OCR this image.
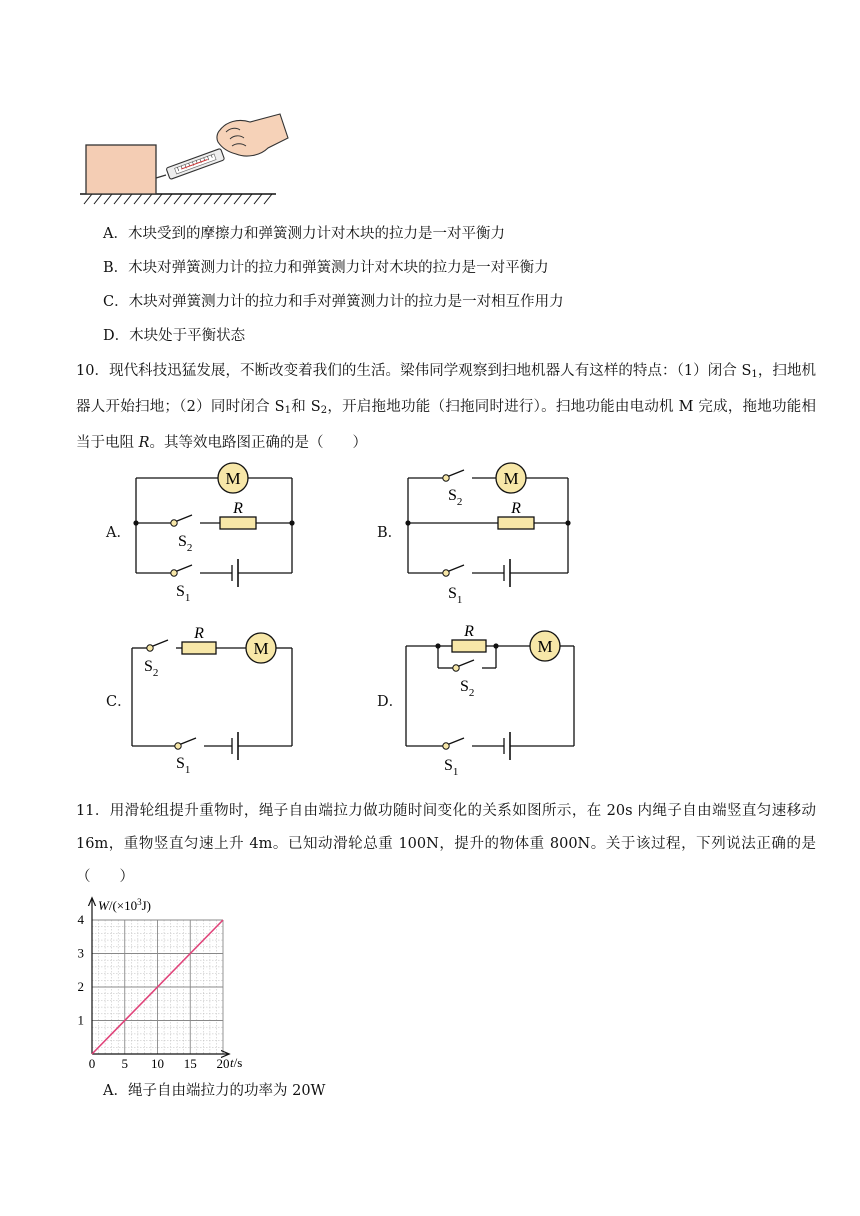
A．木块受到的摩擦力和弹簧测力计对木块的拉力是一对平衡力
B．木块对弹簧测力计的拉力和弹簧测力计对木块的拉力是一对平衡力
C．木块对弹簧测力计的拉力和手对弹簧测力计的拉力是一对相互作用力
D．木块处于平衡状态
10．现代科技迅猛发展，不断改变着我们的生活。梁伟同学观察到扫地机器人有这样的特点：（1）闭合 $S_1$，扫地机器人开始扫地；（2）同时闭合 $S_1$和 $S_2$，开启拖地功能（扫拖同时进行）。扫地功能由电动机 M 完成，拖地功能相当于电阻 R。其等效电路图正确的是（　　）
A．
M
R
$S_2$
$S_1$
B．
M
R
$S_2$
$S_1$
C．
M
R
$S_2$
$S_1$
D．
M
R
$S_2$
$S_1$
11．用滑轮组提升重物时，绳子自由端拉力做功随时间变化的关系如图所示，在 20s 内绳子自由端竖直匀速移动 16m，重物竖直匀速上升 4m。已知动滑轮总重 100N，提升的物体重 800N。关于该过程，下列说法正确的是（　　）
$W/(\times 10^3J)$
t/s
0 5 10 15 20
1
2
3
4
A．绳子自由端拉力的功率为 20W
